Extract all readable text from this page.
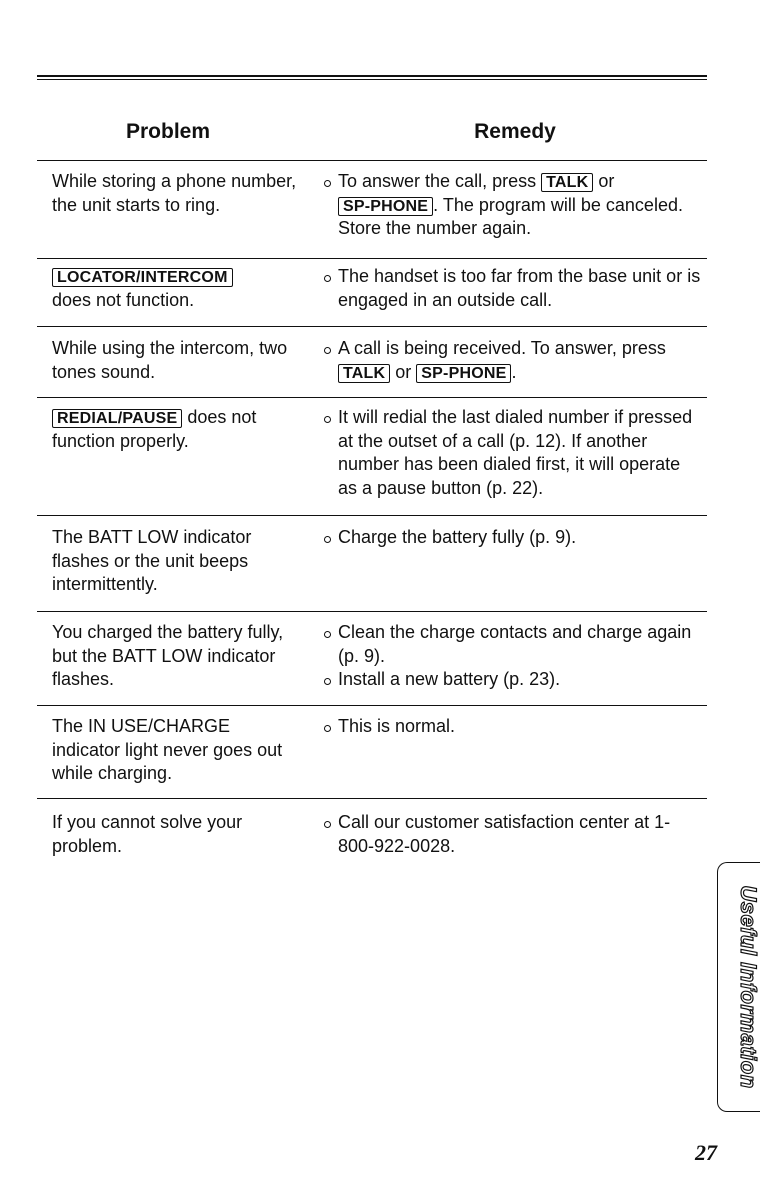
Problem	Remedy
While storing a phone number, the unit starts to ring.
To answer the call, press TALK or SP-PHONE . The program will be canceled. Store the number again.
LOCATOR/INTERCOM
does not function.
The handset is too far from the base unit or is engaged in an outside call.
While using the intercom, two tones sound.
A call is being received. To answer, press TALK or SP-PHONE .
REDIAL/PAUSE does not function properly.
It will redial the last dialed number if pressed at the outset of a call (p. 12). If another number has been dialed first, it will operate as a pause button (p. 22).
The BATT LOW indicator flashes or the unit beeps intermittently.
Charge the battery fully (p. 9).
You charged the battery fully, but the BATT LOW indicator flashes.
Clean the charge contacts and charge again (p. 9).
Install a new battery (p. 23).
The IN USE/CHARGE indicator light never goes out while charging.
This is normal.
If you cannot solve your problem.
Call our customer satisfaction center at 1-800-922-0028.
Useful Information
27
